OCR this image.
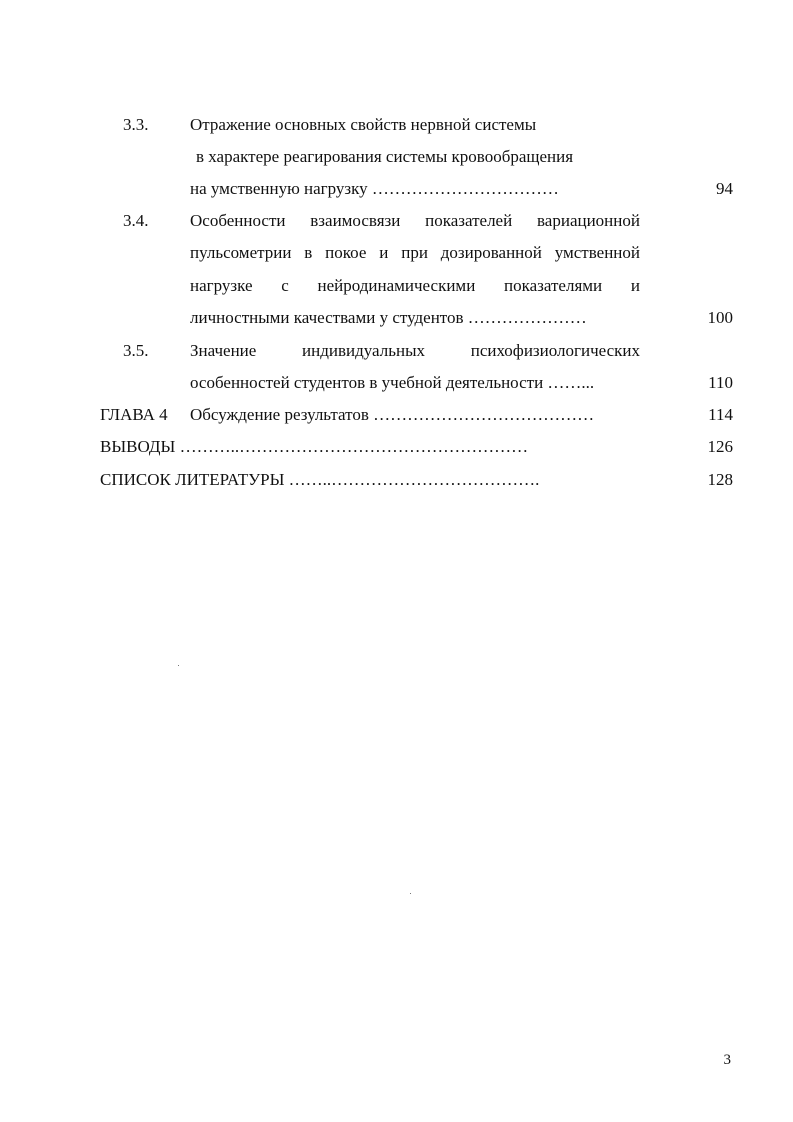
3.3. Отражение основных свойств нервной системы
в характере реагирования системы кровообращения
на умственную нагрузку ……………………………	94
3.4. Особенности взаимосвязи показателей вариационной
пульсометрии в покое и при дозированной умственной
нагрузке с нейродинамическими показателями и
личностными качествами у студентов …………………	100
3.5. Значение	индивидуальных	психофизиологических
особенностей студентов в учебной деятельности ……...	110
ГЛАВА 4 Обсуждение результатов …………………………………	114
ВЫВОДЫ ………..……………………………………………	126
СПИСОК ЛИТЕРАТУРЫ ……..……………………………….	128
3
